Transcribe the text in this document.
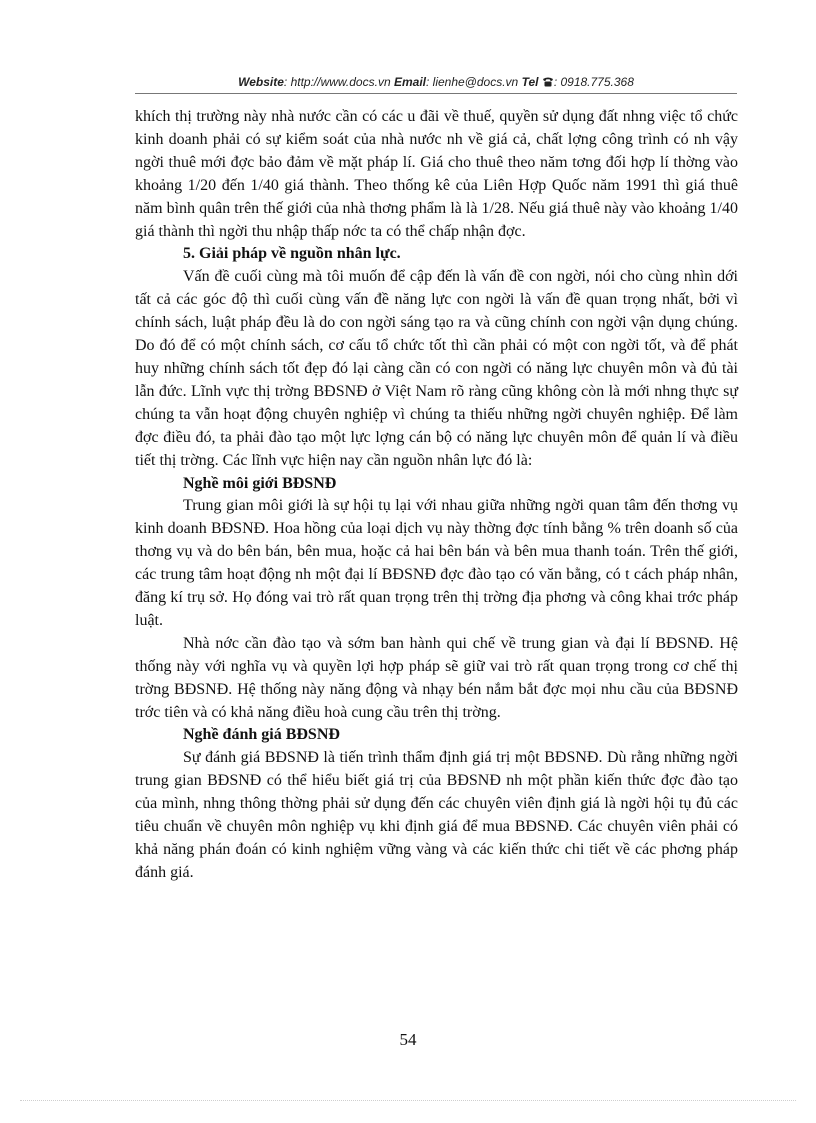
Website: http://www.docs.vn Email: lienhe@docs.vn Tel : 0918.775.368

khích thị trường này nhà nước cần có các u đãi về thuế, quyền sử dụng đất nhng việc tổ chức kinh doanh phải có sự kiểm soát của nhà nước nh về giá cả, chất lợng công trình có nh vậy ngời thuê mới đợc bảo đảm về mặt pháp lí. Giá cho thuê theo năm tơng đối hợp lí thờng vào khoảng 1/20 đến 1/40 giá thành. Theo thống kê của Liên Hợp Quốc năm 1991 thì giá thuê năm bình quân trên thế giới của nhà thơng phẩm là là 1/28. Nếu giá thuê này vào khoảng 1/40 giá thành thì ngời thu nhập thấp nớc ta có thể chấp nhận đợc.

5. Giải pháp về nguồn nhân lực.

Vấn đề cuối cùng mà tôi muốn để cập đến là vấn đề con ngời, nói cho cùng nhìn dới tất cả các góc độ thì cuối cùng vấn đề năng lực con ngời là vấn đề quan trọng nhất, bởi vì chính sách, luật pháp đều là do con ngời sáng tạo ra và cũng chính con ngời vận dụng chúng. Do đó để có một chính sách, cơ cấu tổ chức tốt thì cần phải có một con ngời tốt, và để phát huy những chính sách tốt đẹp đó lại càng cần có con ngời có năng lực chuyên môn và đủ tài lẫn đức. Lĩnh vực thị trờng BĐSNĐ ở Việt Nam rõ ràng cũng không còn là mới nhng thực sự chúng ta vẫn hoạt động chuyên nghiệp vì chúng ta thiếu những ngời chuyên nghiệp. Để làm đợc điều đó, ta phải đào tạo một lực lợng cán bộ có năng lực chuyên môn để quản lí và điều tiết thị trờng. Các lĩnh vực hiện nay cần nguồn nhân lực đó là:

Nghề môi giới BĐSNĐ

Trung gian môi giới là sự hội tụ lại với nhau giữa những ngời quan tâm đến thơng vụ kinh doanh BĐSNĐ. Hoa hồng của loại dịch vụ này thờng đợc tính bằng % trên doanh số của thơng vụ và do bên bán, bên mua, hoặc cả hai bên bán và bên mua thanh toán. Trên thế giới, các trung tâm hoạt động nh một đại lí BĐSNĐ đợc đào tạo có văn bằng, có t cách pháp nhân, đăng kí trụ sở. Họ đóng vai trò rất quan trọng trên thị trờng địa phơng và công khai trớc pháp luật.

Nhà nớc cần đào tạo và sớm ban hành qui chế về trung gian và đại lí BĐSNĐ. Hệ thống này với nghĩa vụ và quyền lợi hợp pháp sẽ giữ vai trò rất quan trọng trong cơ chế thị trờng BĐSNĐ. Hệ thống này năng động và nhạy bén nắm bắt đợc mọi nhu cầu của BĐSNĐ trớc tiên và có khả năng điều hoà cung cầu trên thị trờng.

Nghề đánh giá BĐSNĐ

Sự đánh giá BĐSNĐ là tiến trình thẩm định giá trị một BĐSNĐ. Dù rằng những ngời trung gian BĐSNĐ có thể hiểu biết giá trị của BĐSNĐ nh một phần kiến thức đợc đào tạo của mình, nhng thông thờng phải sử dụng đến các chuyên viên định giá là ngời hội tụ đủ các tiêu chuẩn về chuyên môn nghiệp vụ khi định giá để mua BĐSNĐ. Các chuyên viên phải có khả năng phán đoán có kinh nghiệm vững vàng và các kiến thức chi tiết về các phơng pháp đánh giá.

54
